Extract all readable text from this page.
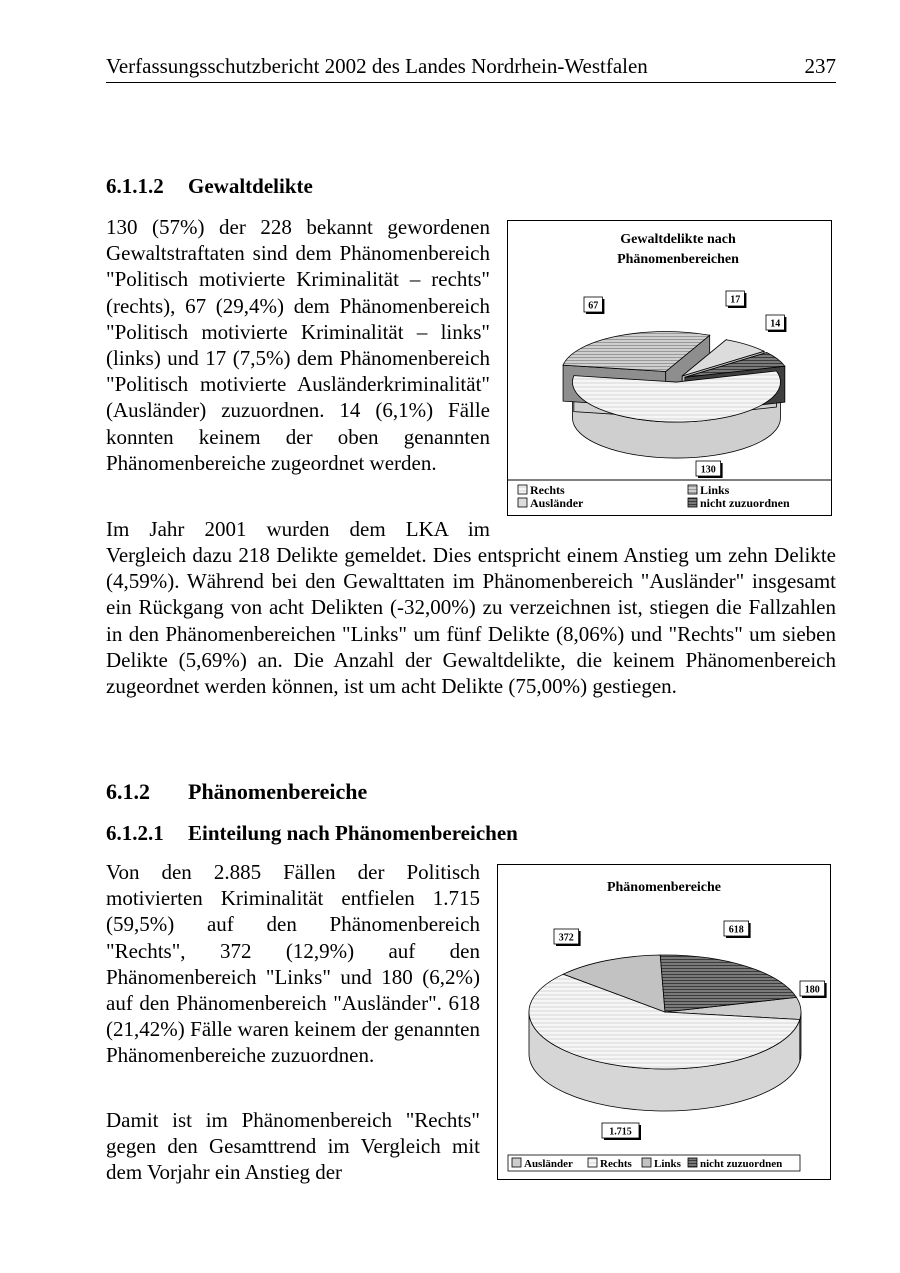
Verfassungsschutzbericht 2002 des Landes Nordrhein-Westfalen	237
6.1.1.2 Gewaltdelikte

130 (57%) der 228 bekannt gewordenen Gewaltstraftaten sind dem Phänomenbereich "Politisch motivierte Kriminalität – rechts" (rechts), 67 (29,4%) dem Phänomenbereich "Politisch motivierte Kriminalität – links" (links) und 17 (7,5%) dem Phänomenbereich "Politisch motivierte Ausländerkriminalität" (Ausländer) zuzuordnen. 14 (6,1%) Fälle konnten keinem der oben genannten Phänomenbereiche zugeordnet werden.

Gewaltdelikte nach
Phänomenbereichen
130
67
17
14
Rechts	Links
Ausländer	nicht zuzuordnen

Im Jahr 2001 wurden dem LKA im

Vergleich dazu 218 Delikte gemeldet. Dies entspricht einem Anstieg um zehn Delikte (4,59%). Während bei den Gewalttaten im Phänomenbereich "Ausländer" insgesamt ein Rückgang von acht Delikten (-32,00%) zu verzeichnen ist, stiegen die Fallzahlen in den Phänomenbereichen "Links" um fünf Delikte (8,06%) und "Rechts" um sieben Delikte (5,69%) an. Die Anzahl der Gewaltdelikte, die keinem Phänomenbereich zugeordnet werden können, ist um acht Delikte (75,00%) gestiegen.

6.1.2 Phänomenbereiche
6.1.2.1 Einteilung nach Phänomenbereichen

Von den 2.885 Fällen der Politisch motivierten Kriminalität entfielen 1.715 (59,5%) auf den Phänomenbereich "Rechts", 372 (12,9%) auf den Phänomenbereich "Links" und 180 (6,2%) auf den Phänomenbereich "Ausländer". 618 (21,42%) Fälle waren keinem der genannten Phänomenbereiche zuzuordnen.

Damit ist im Phänomenbereich "Rechts" gegen den Gesamttrend im Vergleich mit dem Vorjahr ein Anstieg der

Phänomenbereiche
180
1.715
372
618
Ausländer Rechts Links nicht zuzuordnen
